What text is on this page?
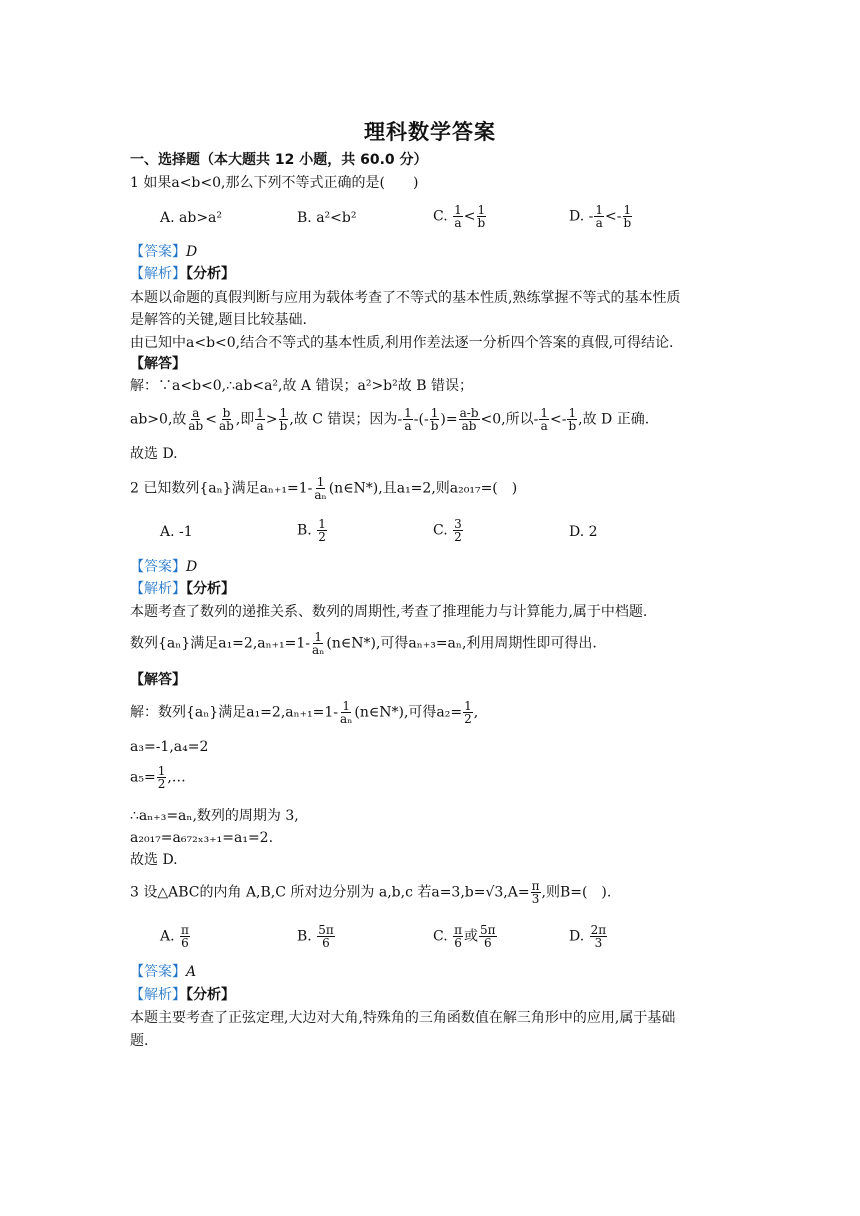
理科数学答案
一、选择题（本大题共 12 小题，共 60.0 分）
1 如果a<b<0,那么下列不等式正确的是(　　)
A. ab>a²	B. a²<b²	C. $\frac{1}{a} < \frac{1}{b}$	D. - $\frac{1}{a} <- \frac{1}{b}$
【答案】D
【解析】【分析】
本题以命题的真假判断与应用为载体考查了不等式的基本性质,熟练掌握不等式的基本性质
是解答的关键,题目比较基础.
由已知中a<b<0,结合不等式的基本性质,利用作差法逐一分析四个答案的真假,可得结论.
【解答】
解：∵a<b<0,∴ab<a²,故 A 错误；a²>b²故 B 错误；
ab>0,故 $\frac{a}{ab} < \frac{b}{ab}$ ,即 $\frac{1}{a} > \frac{1}{b}$ ,故 C 错误；因为- $\frac{1}{a}$ -(- $\frac{1}{b}$ )= $\frac{a-b}{ab} <0$,所以- $\frac{1}{a} <- \frac{1}{b}$ ,故 D 正确.
故选 D.
2 已知数列{aₙ}满足$a_{n+1}=1- \frac{1}{\text{aₙ}}$ (n∈N*),且a₁=2,则a₂₀₁₇=(　)
A. -1	B. $\frac{1}{2}$	C. $\frac{3}{2}$	D. 2
【答案】D
【解析】【分析】
本题考查了数列的递推关系、数列的周期性,考查了推理能力与计算能力,属于中档题.
数列{aₙ}满足$a_1=2,a_{n+1}=1- \frac{1}{\text{aₙ}}$ (n∈N*),可得aₙ₊₃=aₙ,利用周期性即可得出.
【解答】
解：数列{aₙ}满足$a_1=2,a_{n+1}=1- \frac{1}{\text{aₙ}}$ (n∈N*),可得$a_2= \frac{1}{2}$ ,
a₃=-1,a₄=2
$a_5= \frac{1}{2}$ ,…
∴aₙ₊₃=aₙ,数列的周期为 3,
a₂₀₁₇=a₆₇₂ₓ₃₊₁=a₁=2.
故选 D.
3 设△ABC的内角 A,B,C 所对边分别为 a,b,c 若$a=3,b=√3,A= \frac{\pi}{3}$ ,则B=(　).
A. $\frac{\pi}{6}$	B. $\frac{5\pi}{6}$	C. $\frac{\pi}{6}$ 或 $\frac{5\pi}{6}$	D. $\frac{2\pi}{3}$
【答案】A
【解析】【分析】
本题主要考查了正弦定理,大边对大角,特殊角的三角函数值在解三角形中的应用,属于基础
题.
